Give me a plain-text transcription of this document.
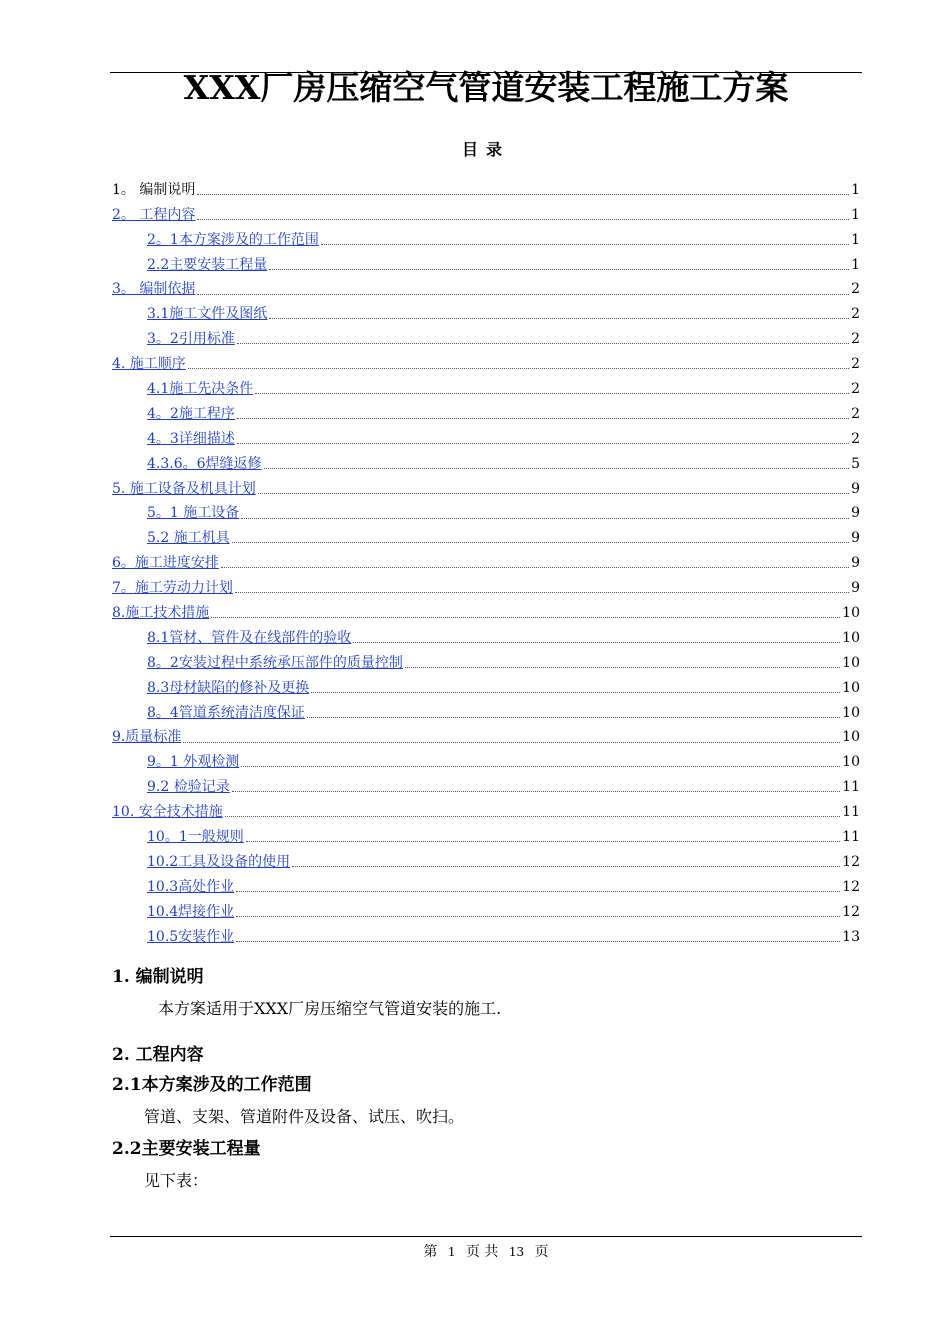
XXX厂房压缩空气管道安装工程施工方案
目录
1。 编制说明	1
2。 工程内容	1
2。1本方案涉及的工作范围	1
2.2主要安装工程量	1
3。 编制依据	2
3.1施工文件及图纸	2
3。2引用标准	2
4. 施工顺序	2
4.1施工先决条件	2
4。2施工程序	2
4。3详细描述	2
4.3.6。6焊缝返修	5
5. 施工设备及机具计划	9
5。1 施工设备	9
5.2 施工机具	9
6。施工进度安排	9
7。施工劳动力计划	9
8.施工技术措施	10
8.1管材、管件及在线部件的验收	10
8。2安装过程中系统承压部件的质量控制	10
8.3母材缺陷的修补及更换	10
8。4管道系统清洁度保证	10
9.质量标准	10
9。1 外观检测	10
9.2 检验记录	11
10. 安全技术措施	11
10。1一般规则	11
10.2工具及设备的使用	12
10.3高处作业	12
10.4焊接作业	12
10.5安装作业	13
1. 编制说明
本方案适用于XXX厂房压缩空气管道安装的施工.
2. 工程内容
2.1本方案涉及的工作范围
管道、支架、管道附件及设备、试压、吹扫。
2.2主要安装工程量
见下表：
第 1 页 共 13 页
